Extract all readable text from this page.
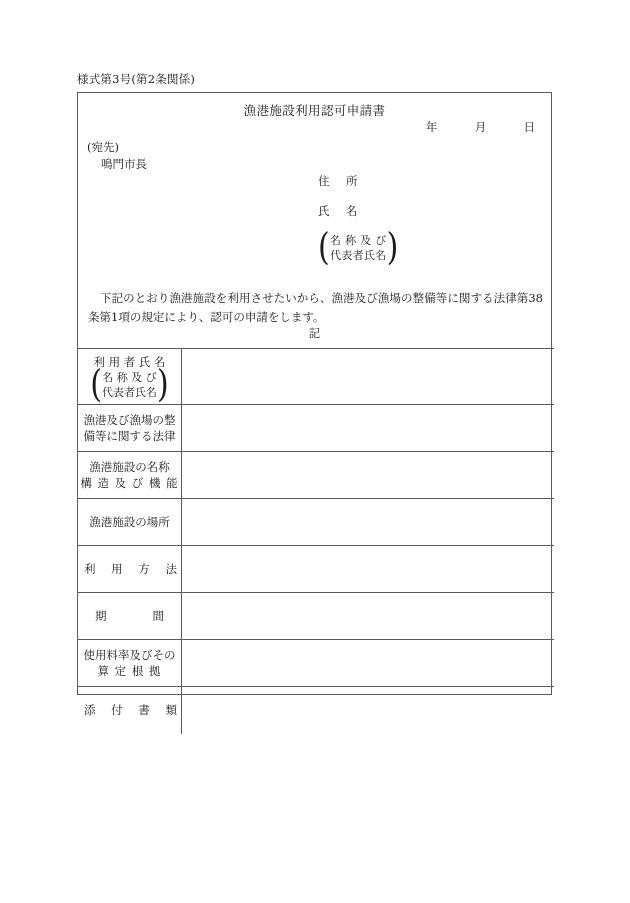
様式第3号(第2条関係)
漁港施設利用認可申請書
年	月	日
(宛先)
鳴門市長
住　所
氏　名
( 名 称 及 び
代表者氏名 )
下記のとおり漁港施設を利用させたいから、漁港及び漁場の整備等に関する法律第38条第1項の規定により、認可の申請をします。
記
利 用 者 氏 名
( 名 称 及 び
代表者氏名 )	

漁港及び漁場の整
備等に関する法律	

漁港施設の名称
構 造 及 び 機 能	

漁港施設の場所	

利 用 方 法	

期　　　　間	

使用料率及びその
算 定 根 拠	

添 付 書 類	
